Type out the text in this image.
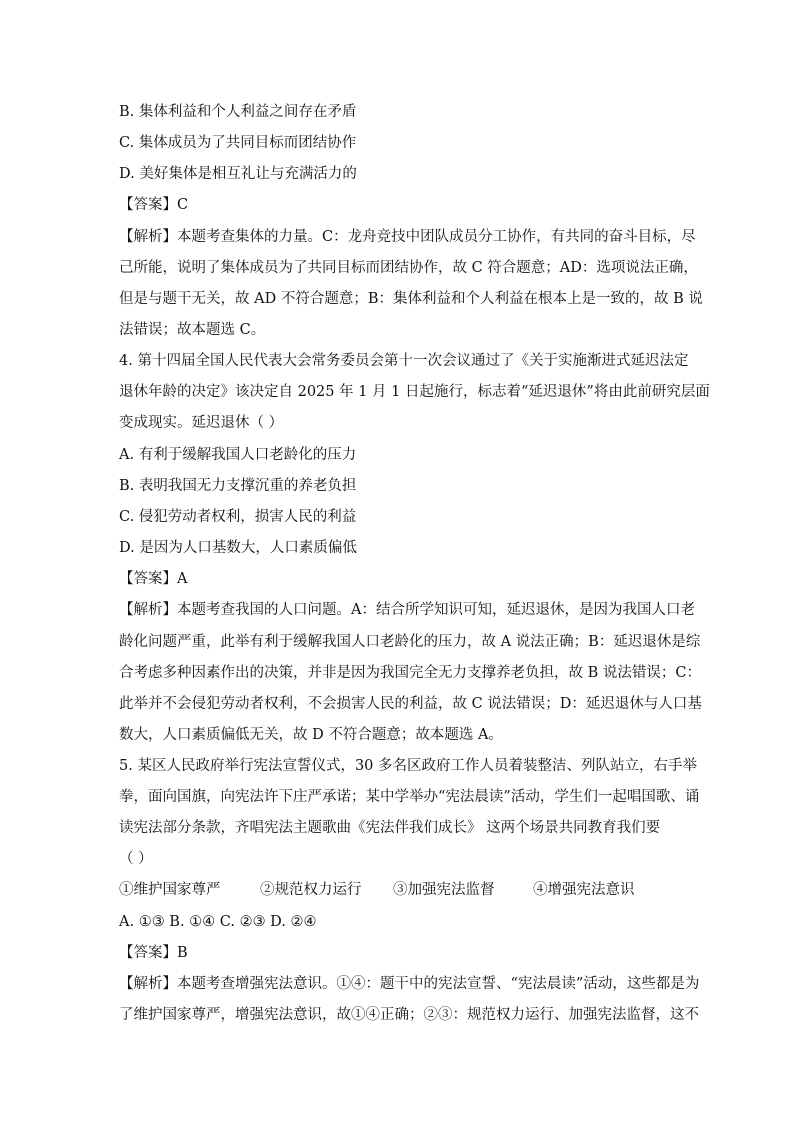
B. 集体利益和个人利益之间存在矛盾
C. 集体成员为了共同目标而团结协作
D. 美好集体是相互礼让与充满活力的
【答案】C
【解析】本题考查集体的力量。C：龙舟竞技中团队成员分工协作，有共同的奋斗目标，尽
己所能，说明了集体成员为了共同目标而团结协作，故 C 符合题意；AD：选项说法正确，
但是与题干无关，故 AD 不符合题意；B：集体利益和个人利益在根本上是一致的，故 B 说
法错误；故本题选 C。
4. 第十四届全国人民代表大会常务委员会第十一次会议通过了《关于实施渐进式延迟法定
退休年龄的决定》该决定自 2025 年 1 月 1 日起施行，标志着“延迟退休”将由此前研究层面
变成现实。延迟退休（ ）
A. 有利于缓解我国人口老龄化的压力
B. 表明我国无力支撑沉重的养老负担
C. 侵犯劳动者权利，损害人民的利益
D. 是因为人口基数大，人口素质偏低
【答案】A
【解析】本题考查我国的人口问题。A：结合所学知识可知，延迟退休，是因为我国人口老
龄化问题严重，此举有利于缓解我国人口老龄化的压力，故 A 说法正确；B：延迟退休是综
合考虑多种因素作出的决策，并非是因为我国完全无力支撑养老负担，故 B 说法错误；C：
此举并不会侵犯劳动者权利，不会损害人民的利益，故 C 说法错误；D：延迟退休与人口基
数大，人口素质偏低无关，故 D 不符合题意；故本题选 A。
5. 某区人民政府举行宪法宣誓仪式，30 多名区政府工作人员着装整洁、列队站立，右手举
拳，面向国旗，向宪法许下庄严承诺；某中学举办“宪法晨读”活动，学生们一起唱国歌、诵
读宪法部分条款，齐唱宪法主题歌曲《宪法伴我们成长》 这两个场景共同教育我们要
（ ）
①维护国家尊严	②规范权力运行 ③加强宪法监督	④增强宪法意识
A. ①③ B. ①④ C. ②③ D. ②④
【答案】B
【解析】本题考查增强宪法意识。①④：题干中的宪法宣誓、“宪法晨读”活动，这些都是为
了维护国家尊严，增强宪法意识，故①④正确；②③：规范权力运行、加强宪法监督，这不
